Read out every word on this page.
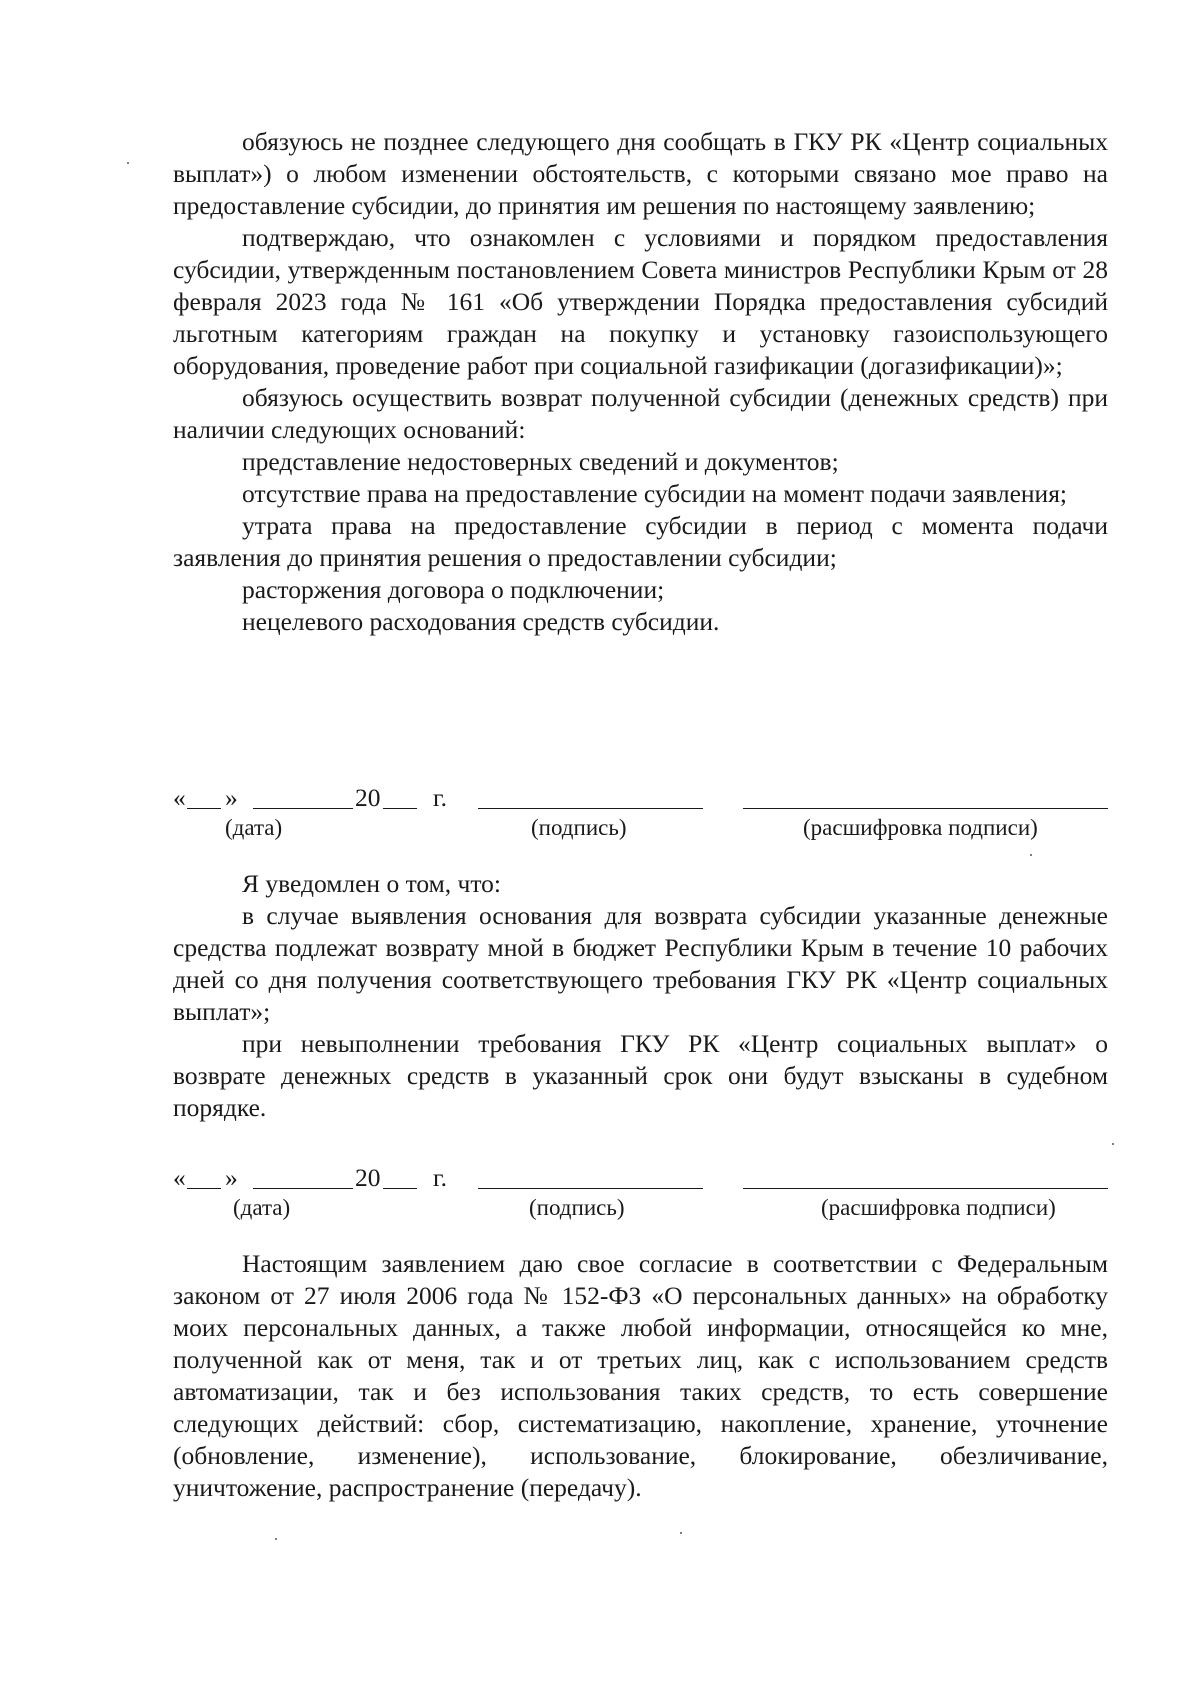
обязуюсь не позднее следующего дня сообщать в ГКУ РК «Центр социальных выплат») о любом изменении обстоятельств, с которыми связано мое право на предоставление субсидии, до принятия им решения по настоящему заявлению;

подтверждаю, что ознакомлен с условиями и порядком предоставления субсидии, утвержденным постановлением Совета министров Республики Крым от 28 февраля 2023 года № 161 «Об утверждении Порядка предоставления субсидий льготным категориям граждан на покупку и установку газоиспользующего оборудования, проведение работ при социальной газификации (догазификации)»;

обязуюсь осуществить возврат полученной субсидии (денежных средств) при наличии следующих оснований:

представление недостоверных сведений и документов;

отсутствие права на предоставление субсидии на момент подачи заявления;

утрата права на предоставление субсидии в период с момента подачи заявления до принятия решения о предоставлении субсидии;

расторжения договора о подключении;

нецелевого расходования средств субсидии.

« »	20 г.
(дата)	(подпись)	(расшифровка подписи)

Я уведомлен о том, что:

в случае выявления основания для возврата субсидии указанные денежные средства подлежат возврату мной в бюджет Республики Крым в течение 10 рабочих дней со дня получения соответствующего требования ГКУ РК «Центр социальных выплат»;

при невыполнении требования ГКУ РК «Центр социальных выплат» о возврате денежных средств в указанный срок они будут взысканы в судебном порядке.

« »	20 г.
(дата)	(подпись)	(расшифровка подписи)

Настоящим заявлением даю свое согласие в соответствии с Федеральным законом от 27 июля 2006 года № 152-ФЗ «О персональных данных» на обработку моих персональных данных, а также любой информации, относящейся ко мне, полученной как от меня, так и от третьих лиц, как с использованием средств автоматизации, так и без использования таких средств, то есть совершение следующих действий: сбор, систематизацию, накопление, хранение, уточнение (обновление, изменение), использование, блокирование, обезличивание, уничтожение, распространение (передачу).
